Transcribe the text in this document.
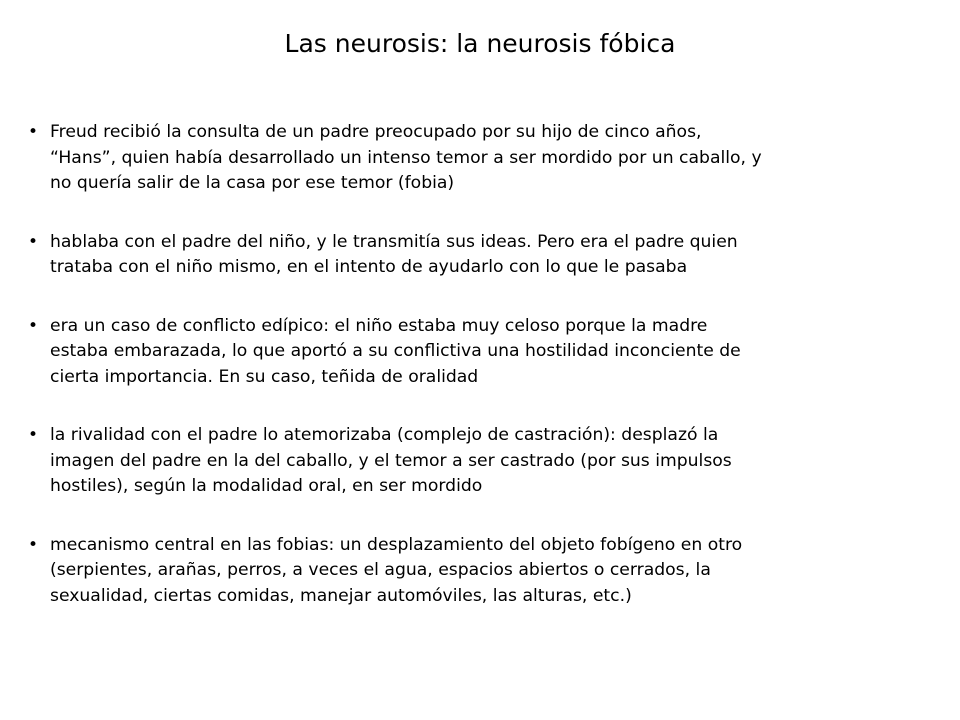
Las neurosis: la neurosis fóbica
• Freud recibió la consulta de un padre preocupado por su hijo de cinco años,
“Hans”, quien había desarrollado un intenso temor a ser mordido por un caballo, y
no quería salir de la casa por ese temor (fobia)
• hablaba con el padre del niño, y le transmitía sus ideas. Pero era el padre quien
trataba con el niño mismo, en el intento de ayudarlo con lo que le pasaba
• era un caso de conflicto edípico: el niño estaba muy celoso porque la madre
estaba embarazada, lo que aportó a su conflictiva una hostilidad inconciente de
cierta importancia. En su caso, teñida de oralidad
• la rivalidad con el padre lo atemorizaba (complejo de castración): desplazó la
imagen del padre en la del caballo, y el temor a ser castrado (por sus impulsos
hostiles), según la modalidad oral, en ser mordido
• mecanismo central en las fobias: un desplazamiento del objeto fobígeno en otro
(serpientes, arañas, perros, a veces el agua, espacios abiertos o cerrados, la
sexualidad, ciertas comidas, manejar automóviles, las alturas, etc.)
